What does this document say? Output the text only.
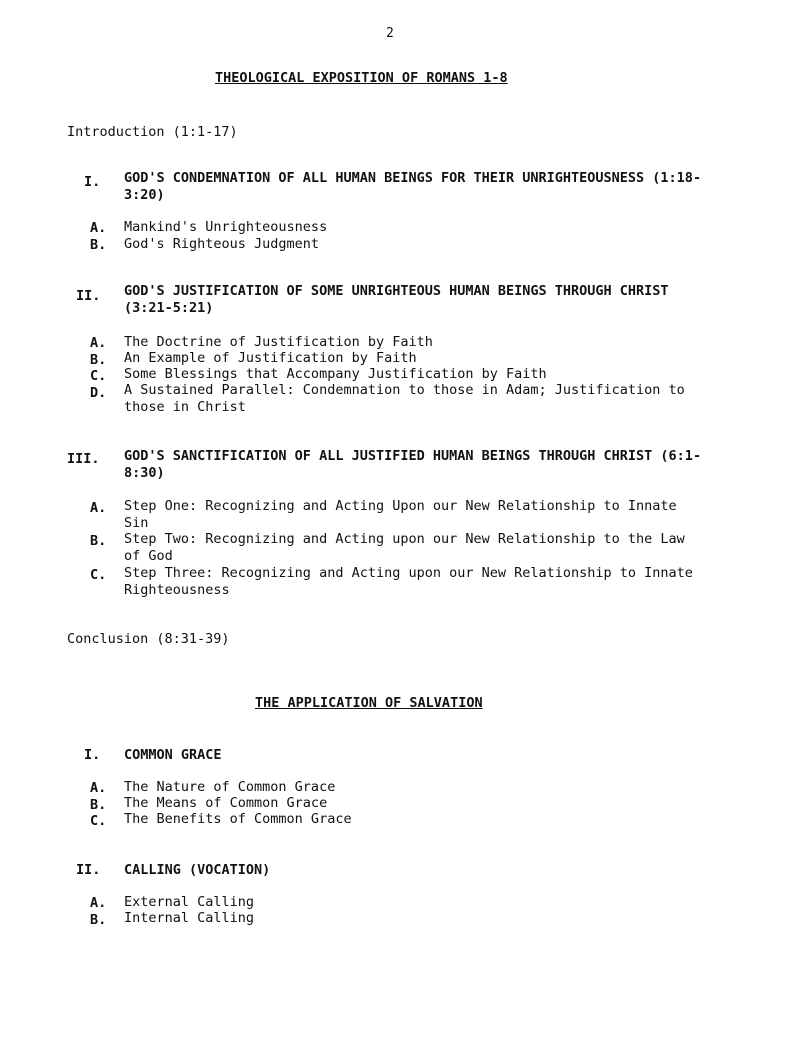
2
THEOLOGICAL EXPOSITION OF ROMANS 1-8
Introduction (1:1-17)
I. GOD'S CONDEMNATION OF ALL HUMAN BEINGS FOR THEIR UNRIGHTEOUSNESS (1:18-3:20)
A. Mankind's Unrighteousness
B. God's Righteous Judgment
II. GOD'S JUSTIFICATION OF SOME UNRIGHTEOUS HUMAN BEINGS THROUGH CHRIST (3:21-5:21)
A. The Doctrine of Justification by Faith
B. An Example of Justification by Faith
C. Some Blessings that Accompany Justification by Faith
D. A Sustained Parallel: Condemnation to those in Adam; Justification to those in Christ
III. GOD'S SANCTIFICATION OF ALL JUSTIFIED HUMAN BEINGS THROUGH CHRIST (6:1-8:30)
A. Step One: Recognizing and Acting Upon our New Relationship to Innate Sin
B. Step Two: Recognizing and Acting upon our New Relationship to the Law of God
C. Step Three: Recognizing and Acting upon our New Relationship to Innate Righteousness
Conclusion (8:31-39)
THE APPLICATION OF SALVATION
I. COMMON GRACE
A. The Nature of Common Grace
B. The Means of Common Grace
C. The Benefits of Common Grace
II. CALLING (VOCATION)
A. External Calling
B. Internal Calling
